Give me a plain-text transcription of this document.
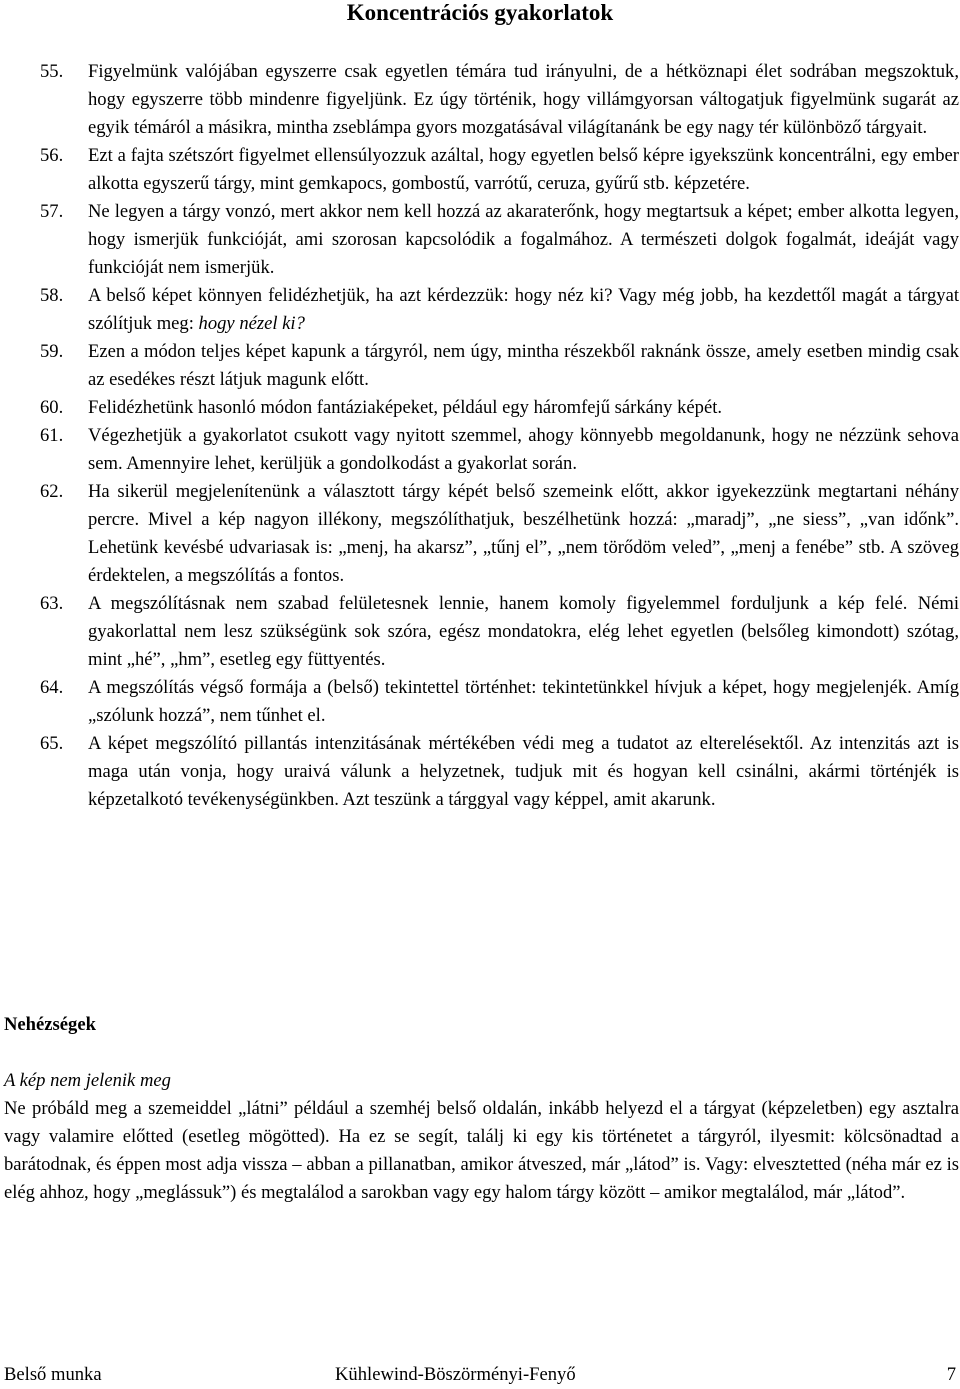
Koncentrációs gyakorlatok
55. Figyelmünk valójában egyszerre csak egyetlen témára tud irányulni, de a hétköznapi élet sodrában megszoktuk, hogy egyszerre több mindenre figyeljünk. Ez úgy történik, hogy villámgyorsan váltogatjuk figyelmünk sugarát az egyik témáról a másikra, mintha zseblámpa gyors mozgatásával világítanánk be egy nagy tér különböző tárgyait.
56. Ezt a fajta szétszórt figyelmet ellensúlyozzuk azáltal, hogy egyetlen belső képre igyekszünk koncentrálni, egy ember alkotta egyszerű tárgy, mint gemkapocs, gombostű, varrótű, ceruza, gyűrű stb. képzetére.
57. Ne legyen a tárgy vonzó, mert akkor nem kell hozzá az akaraterőnk, hogy megtartsuk a képet; ember alkotta legyen, hogy ismerjük funkcióját, ami szorosan kapcsolódik a fogalmához. A természeti dolgok fogalmát, ideáját vagy funkcióját nem ismerjük.
58. A belső képet könnyen felidézhetjük, ha azt kérdezzük: hogy néz ki? Vagy még jobb, ha kezdettől magát a tárgyat szólítjuk meg: hogy nézel ki?
59. Ezen a módon teljes képet kapunk a tárgyról, nem úgy, mintha részekből raknánk össze, amely esetben mindig csak az esedékes részt látjuk magunk előtt.
60. Felidézhetünk hasonló módon fantáziaképeket, például egy háromfejű sárkány képét.
61. Végezhetjük a gyakorlatot csukott vagy nyitott szemmel, ahogy könnyebb megoldanunk, hogy ne nézzünk sehova sem. Amennyire lehet, kerüljük a gondolkodást a gyakorlat során.
62. Ha sikerül megjelenítenünk a választott tárgy képét belső szemeink előtt, akkor igyekezzünk megtartani néhány percre. Mivel a kép nagyon illékony, megszólíthatjuk, beszélhetünk hozzá: „maradj”, „ne siess”, „van időnk”. Lehetünk kevésbé udvariasak is: „menj, ha akarsz”, „tűnj el”, „nem törődöm veled”, „menj a fenébe” stb. A szöveg érdektelen, a megszólítás a fontos.
63. A megszólításnak nem szabad felületesnek lennie, hanem komoly figyelemmel forduljunk a kép felé. Némi gyakorlattal nem lesz szükségünk sok szóra, egész mondatokra, elég lehet egyetlen (belsőleg kimondott) szótag, mint „hé”, „hm”, esetleg egy füttyentés.
64. A megszólítás végső formája a (belső) tekintettel történhet: tekintetünkkel hívjuk a képet, hogy megjelenjék. Amíg „szólunk hozzá”, nem tűnhet el.
65. A képet megszólító pillantás intenzitásának mértékében védi meg a tudatot az elterelésektől. Az intenzitás azt is maga után vonja, hogy uraivá válunk a helyzetnek, tudjuk mit és hogyan kell csinálni, akármi történjék is képzetalkotó tevékenységünkben. Azt teszünk a tárggyal vagy képpel, amit akarunk.
Nehézségek
A kép nem jelenik meg
Ne próbáld meg a szemeiddel „látni” például a szemhéj belső oldalán, inkább helyezd el a tárgyat (képzeletben) egy asztalra vagy valamire előtted (esetleg mögötted). Ha ez se segít, találj ki egy kis történetet a tárgyról, ilyesmit: kölcsönadtad a barátodnak, és éppen most adja vissza – abban a pillanatban, amikor átveszed, már „látod” is. Vagy: elvesztetted (néha már ez is elég ahhoz, hogy „meglássuk”) és megtalálod a sarokban vagy egy halom tárgy között – amikor megtalálod, már „látod”.
Belső munka	Kühlewind-Böszörményi-Fenyő	7
